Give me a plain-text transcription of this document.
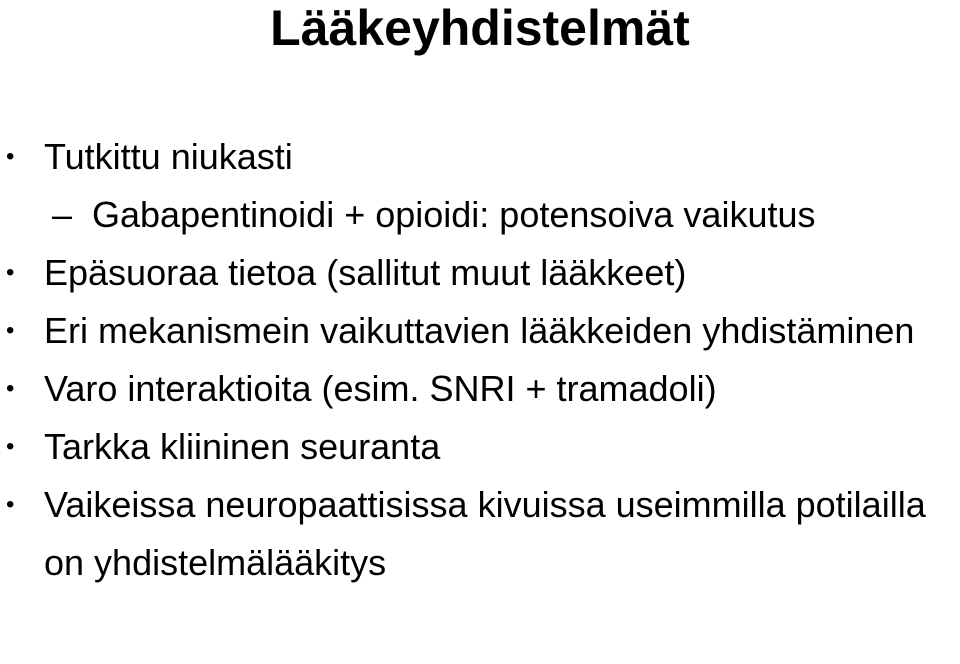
Lääkeyhdistelmät
• Tutkittu niukasti
– Gabapentinoidi + opioidi: potensoiva vaikutus
• Epäsuoraa tietoa (sallitut muut lääkkeet)
• Eri mekanismein vaikuttavien lääkkeiden yhdistäminen
• Varo interaktioita (esim. SNRI + tramadoli)
• Tarkka kliininen seuranta
• Vaikeissa neuropaattisissa kivuissa useimmilla potilailla on yhdistelmälääkitys
